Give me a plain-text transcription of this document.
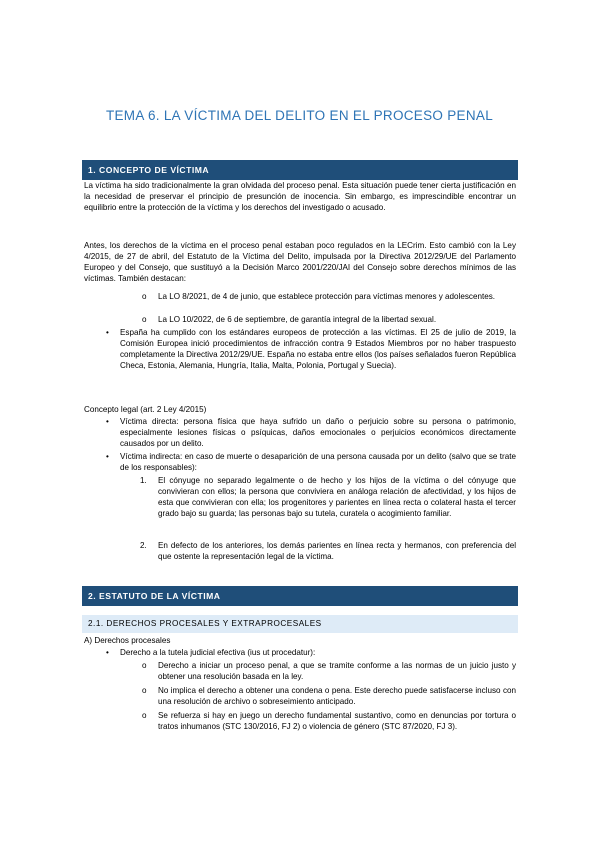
TEMA 6. LA VÍCTIMA DEL DELITO EN EL PROCESO PENAL
1. CONCEPTO DE VÍCTIMA
La víctima ha sido tradicionalmente la gran olvidada del proceso penal. Esta situación puede tener cierta justificación en la necesidad de preservar el principio de presunción de inocencia. Sin embargo, es imprescindible encontrar un equilibrio entre la protección de la víctima y los derechos del investigado o acusado.
Antes, los derechos de la víctima en el proceso penal estaban poco regulados en la LECrim. Esto cambió con la Ley 4/2015, de 27 de abril, del Estatuto de la Víctima del Delito, impulsada por la Directiva 2012/29/UE del Parlamento Europeo y del Consejo, que sustituyó a la Decisión Marco 2001/220/JAI del Consejo sobre derechos mínimos de las víctimas. También destacan:
o La LO 8/2021, de 4 de junio, que establece protección para víctimas menores y adolescentes.
o La LO 10/2022, de 6 de septiembre, de garantía integral de la libertad sexual.
• España ha cumplido con los estándares europeos de protección a las víctimas. El 25 de julio de 2019, la Comisión Europea inició procedimientos de infracción contra 9 Estados Miembros por no haber traspuesto completamente la Directiva 2012/29/UE. España no estaba entre ellos (los países señalados fueron República Checa, Estonia, Alemania, Hungría, Italia, Malta, Polonia, Portugal y Suecia).
Concepto legal (art. 2 Ley 4/2015)
• Víctima directa: persona física que haya sufrido un daño o perjuicio sobre su persona o patrimonio, especialmente lesiones físicas o psíquicas, daños emocionales o perjuicios económicos directamente causados por un delito.
• Víctima indirecta: en caso de muerte o desaparición de una persona causada por un delito (salvo que se trate de los responsables):
1. El cónyuge no separado legalmente o de hecho y los hijos de la víctima o del cónyuge que convivieran con ellos; la persona que conviviera en análoga relación de afectividad, y los hijos de esta que convivieran con ella; los progenitores y parientes en línea recta o colateral hasta el tercer grado bajo su guarda; las personas bajo su tutela, curatela o acogimiento familiar.
2. En defecto de los anteriores, los demás parientes en línea recta y hermanos, con preferencia del que ostente la representación legal de la víctima.
2. ESTATUTO DE LA VÍCTIMA
2.1. DERECHOS PROCESALES Y EXTRAPROCESALES
A) Derechos procesales
• Derecho a la tutela judicial efectiva (ius ut procedatur):
o Derecho a iniciar un proceso penal, a que se tramite conforme a las normas de un juicio justo y obtener una resolución basada en la ley.
o No implica el derecho a obtener una condena o pena. Este derecho puede satisfacerse incluso con una resolución de archivo o sobreseimiento anticipado.
o Se refuerza si hay en juego un derecho fundamental sustantivo, como en denuncias por tortura o tratos inhumanos (STC 130/2016, FJ 2) o violencia de género (STC 87/2020, FJ 3).
